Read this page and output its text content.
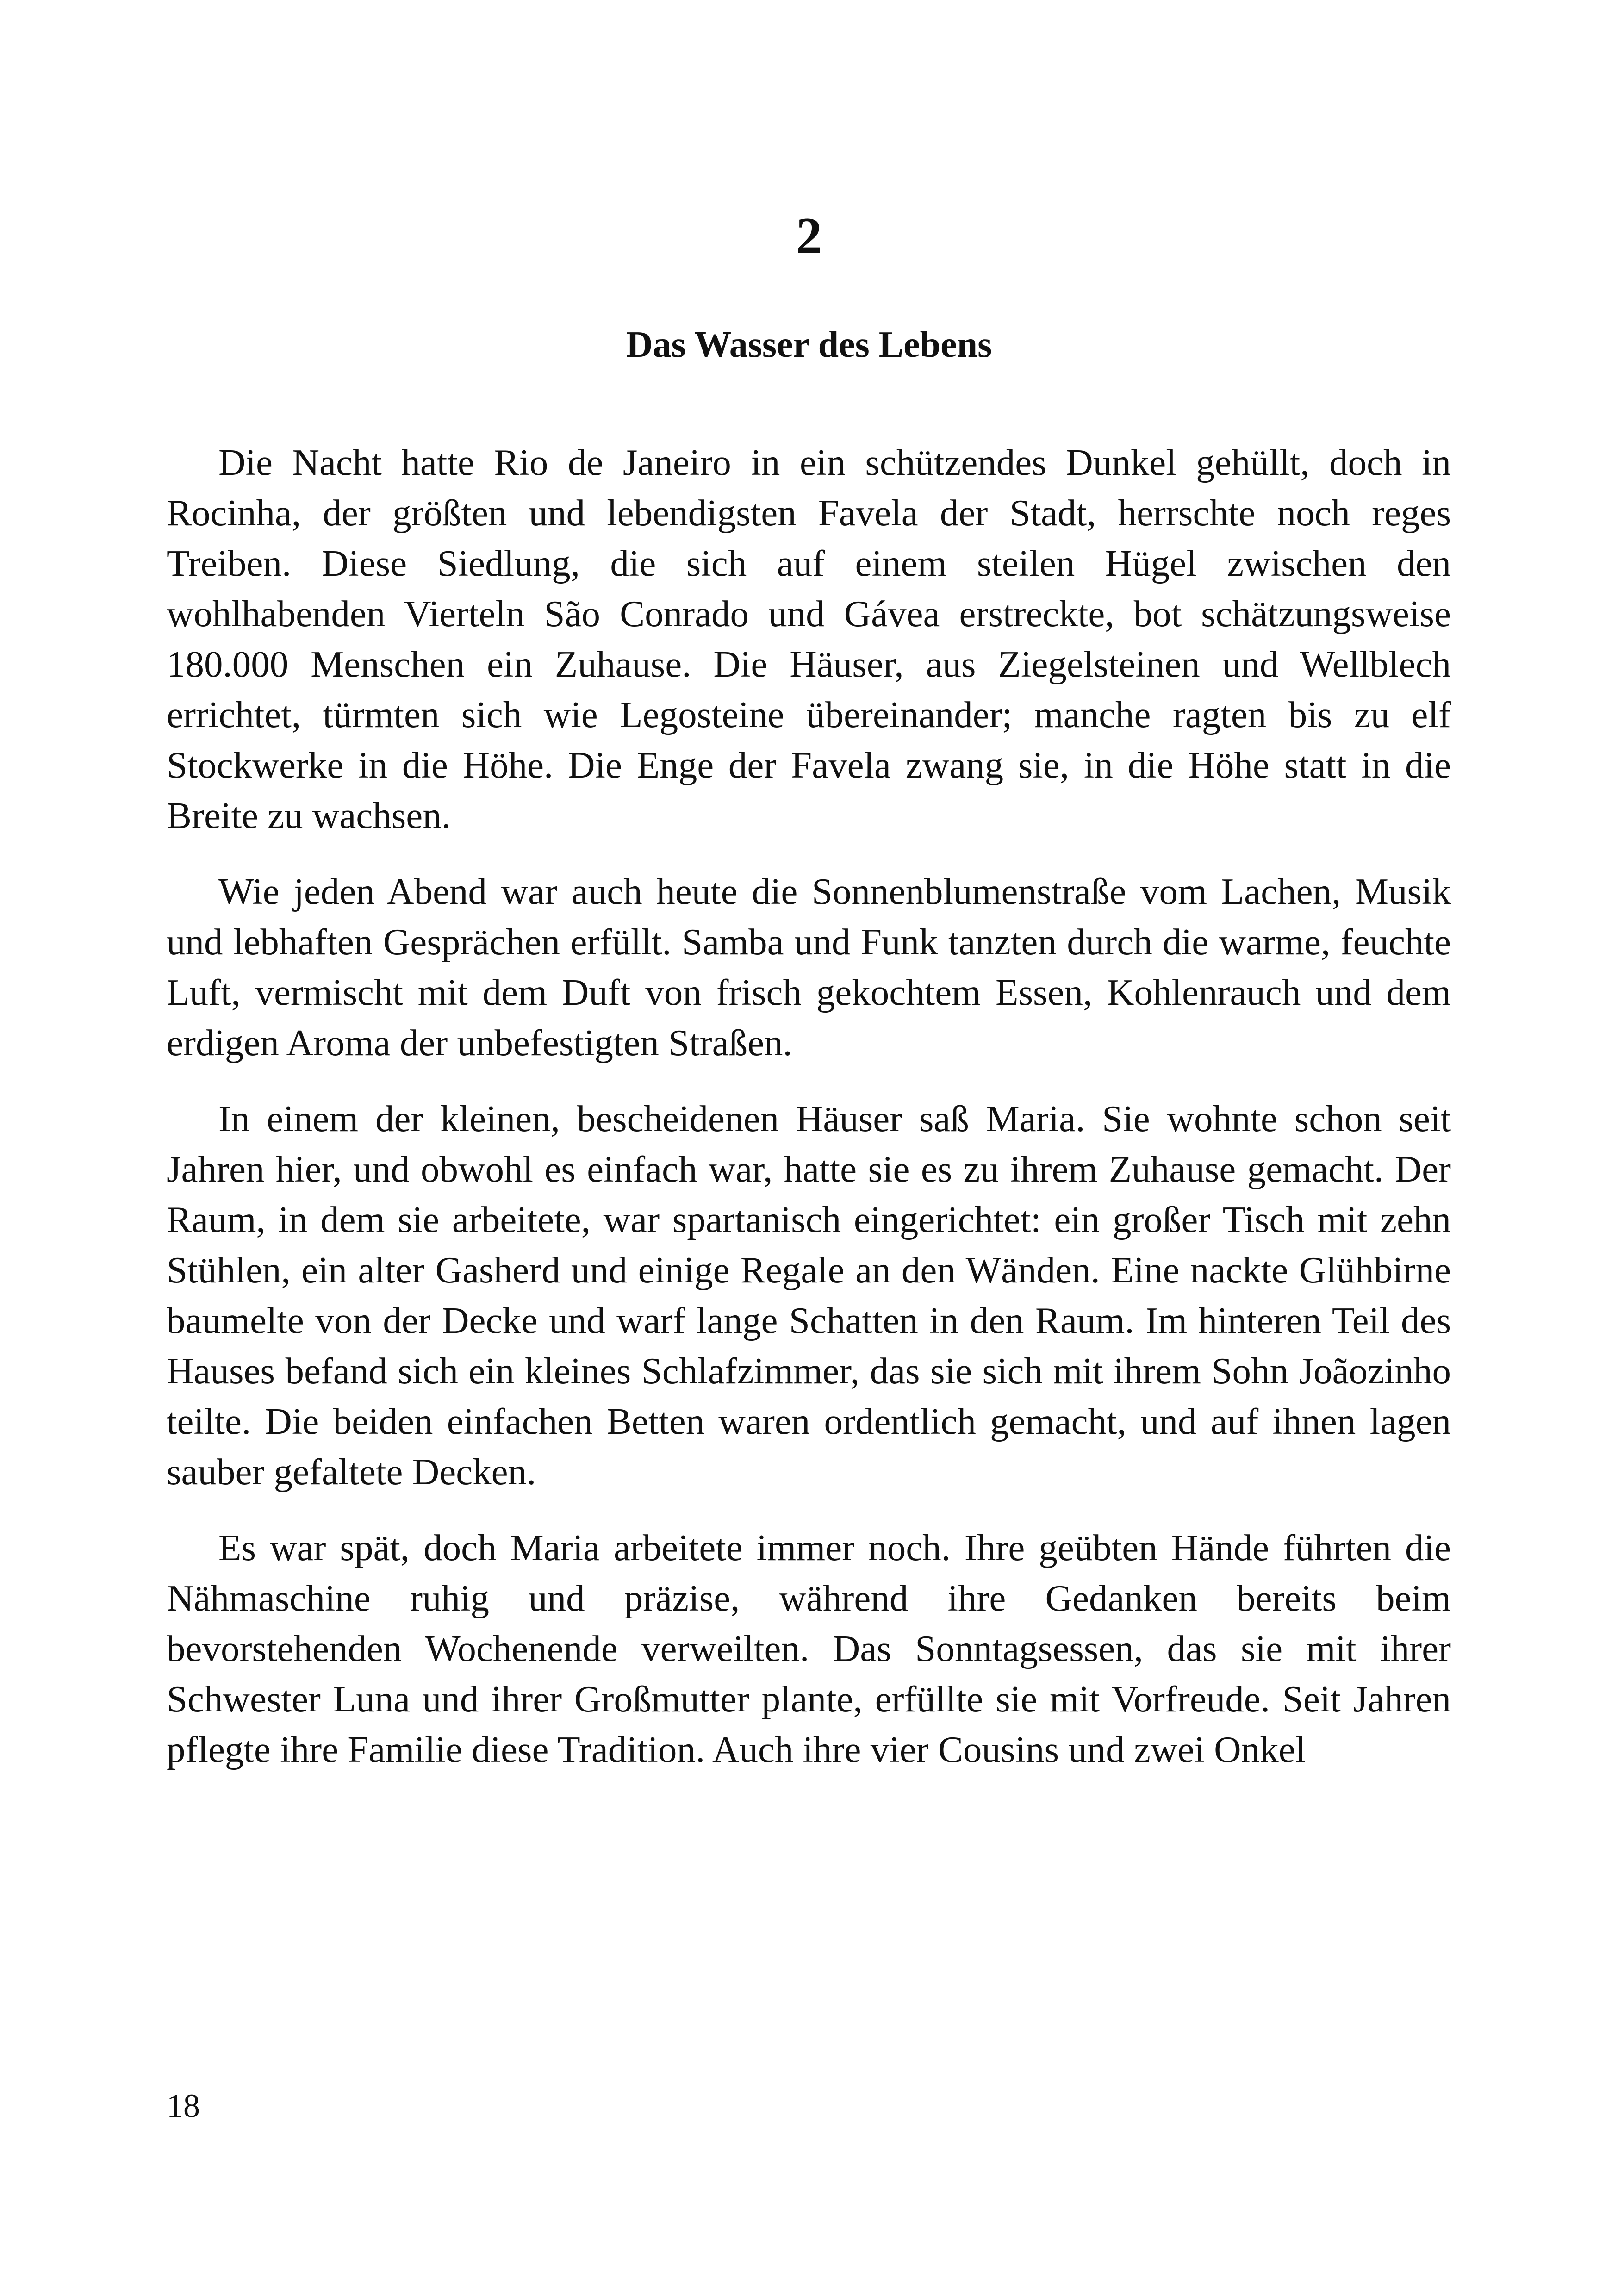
2
Das Wasser des Lebens

Die Nacht hatte Rio de Janeiro in ein schützendes Dunkel gehüllt, doch in Rocinha, der größten und lebendigsten Favela der Stadt, herrschte noch reges Treiben. Diese Siedlung, die sich auf einem steilen Hügel zwischen den wohlhabenden Vierteln São Conrado und Gávea erstreckte, bot schätzungsweise 180.000 Menschen ein Zuhause. Die Häuser, aus Ziegelsteinen und Wellblech errichtet, türmten sich wie Legosteine übereinander; manche ragten bis zu elf Stockwerke in die Höhe. Die Enge der Favela zwang sie, in die Höhe statt in die Breite zu wachsen.

Wie jeden Abend war auch heute die Sonnenblumenstraße vom Lachen, Musik und lebhaften Gesprächen erfüllt. Samba und Funk tanzten durch die warme, feuchte Luft, vermischt mit dem Duft von frisch gekochtem Essen, Kohlenrauch und dem erdigen Aroma der unbefestigten Straßen.

In einem der kleinen, bescheidenen Häuser saß Maria. Sie wohnte schon seit Jahren hier, und obwohl es einfach war, hatte sie es zu ihrem Zuhause gemacht. Der Raum, in dem sie arbeitete, war spartanisch eingerichtet: ein großer Tisch mit zehn Stühlen, ein alter Gasherd und einige Regale an den Wänden. Eine nackte Glühbirne baumelte von der Decke und warf lange Schatten in den Raum. Im hinteren Teil des Hauses befand sich ein kleines Schlafzimmer, das sie sich mit ihrem Sohn Joãozinho teilte. Die beiden einfachen Betten waren ordentlich gemacht, und auf ihnen lagen sauber gefaltete Decken.

Es war spät, doch Maria arbeitete immer noch. Ihre geübten Hände führten die Nähmaschine ruhig und präzise, während ihre Gedanken bereits beim bevorstehenden Wochenende verweilten. Das Sonntagsessen, das sie mit ihrer Schwester Luna und ihrer Großmutter plante, erfüllte sie mit Vorfreude. Seit Jahren pflegte ihre Familie diese Tradition. Auch ihre vier Cousins und zwei Onkel

18
